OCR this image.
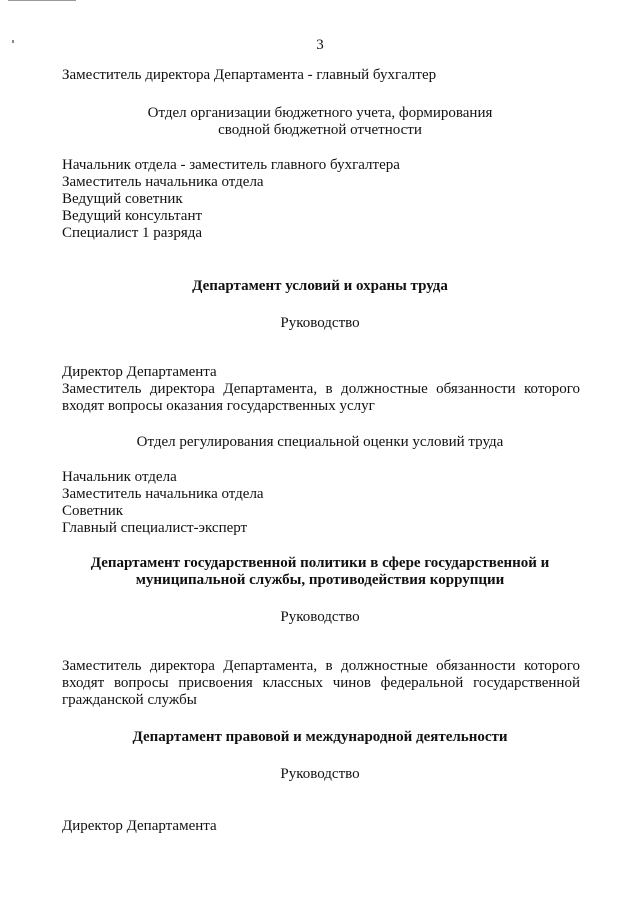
3
Заместитель директора Департамента - главный бухгалтер
Отдел организации бюджетного учета, формирования
сводной бюджетной отчетности
Начальник отдела - заместитель главного бухгалтера
Заместитель начальника отдела
Ведущий советник
Ведущий консультант
Специалист 1 разряда
Департамент условий и охраны труда
Руководство
Директор Департамента
Заместитель директора Департамента, в должностные обязанности которого
входят вопросы оказания государственных услуг
Отдел регулирования специальной оценки условий труда
Начальник отдела
Заместитель начальника отдела
Советник
Главный специалист-эксперт
Департамент государственной политики в сфере государственной и
муниципальной службы, противодействия коррупции
Руководство
Заместитель директора Департамента, в должностные обязанности которого
входят вопросы присвоения классных чинов федеральной государственной
гражданской службы
Департамент правовой и международной деятельности
Руководство
Директор Департамента
